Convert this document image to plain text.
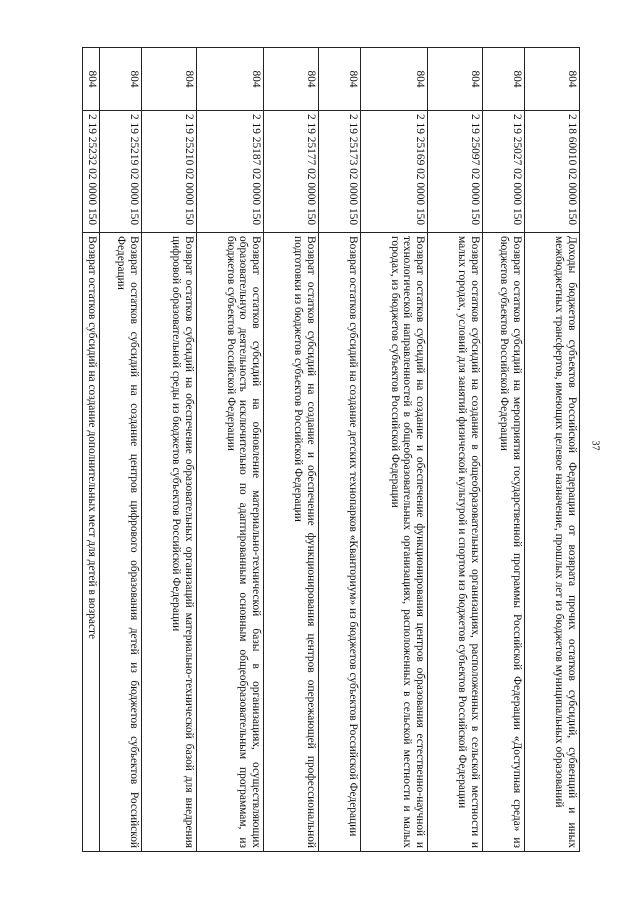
37
804	2 18 60010 02 0000 150	Доходы бюджетов субъектов Российской Федерации от возврата прочих остатков субсидий, субвенций и иных межбюджетных трансфертов, имеющих целевое назначение, прошлых лет из бюджетов муниципальных образований
804	2 19 25027 02 0000 150	Возврат остатков субсидий на мероприятия государственной программы Российской Федерации «Доступная среда» из бюджетов субъектов Российской Федерации
804	2 19 25097 02 0000 150	Возврат остатков субсидий на создание в общеобразовательных организациях, расположенных в сельской местности и малых городах, условий для занятий физической культурой и спортом из бюджетов субъектов Российской Федерации
804	2 19 25169 02 0000 150	Возврат остатков субсидий на создание и обеспечение функционирования центров образования естественно-научной и технологической направленностей в общеобразовательных организациях, расположенных в сельской местности и малых городах, из бюджетов субъектов Российской Федерации
804	2 19 25173 02 0000 150	Возврат остатков субсидий на создание детских технопарков «Кванториум» из бюджетов субъектов Российской Федерации
804	2 19 25177 02 0000 150	Возврат остатков субсидий на создание и обеспечение функционирования центров опережающей профессиональной подготовки из бюджетов субъектов Российской Федерации
804	2 19 25187 02 0000 150	Возврат остатков субсидий на обновление материально-технической базы в организациях, осуществляющих образовательную деятельность исключительно по адаптированным основным общеобразовательным программам, из бюджетов субъектов Российской Федерации
804	2 19 25210 02 0000 150	Возврат остатков субсидий на обеспечение образовательных организаций материально-технической базой для внедрения цифровой образовательной среды из бюджетов субъектов Российской Федерации
804	2 19 25219 02 0000 150	Возврат остатков субсидий на создание центров цифрового образования детей из бюджетов субъектов Российской Федерации
804	2 19 25232 02 0000 150	Возврат остатков субсидий на создание дополнительных мест для детей в возрасте
